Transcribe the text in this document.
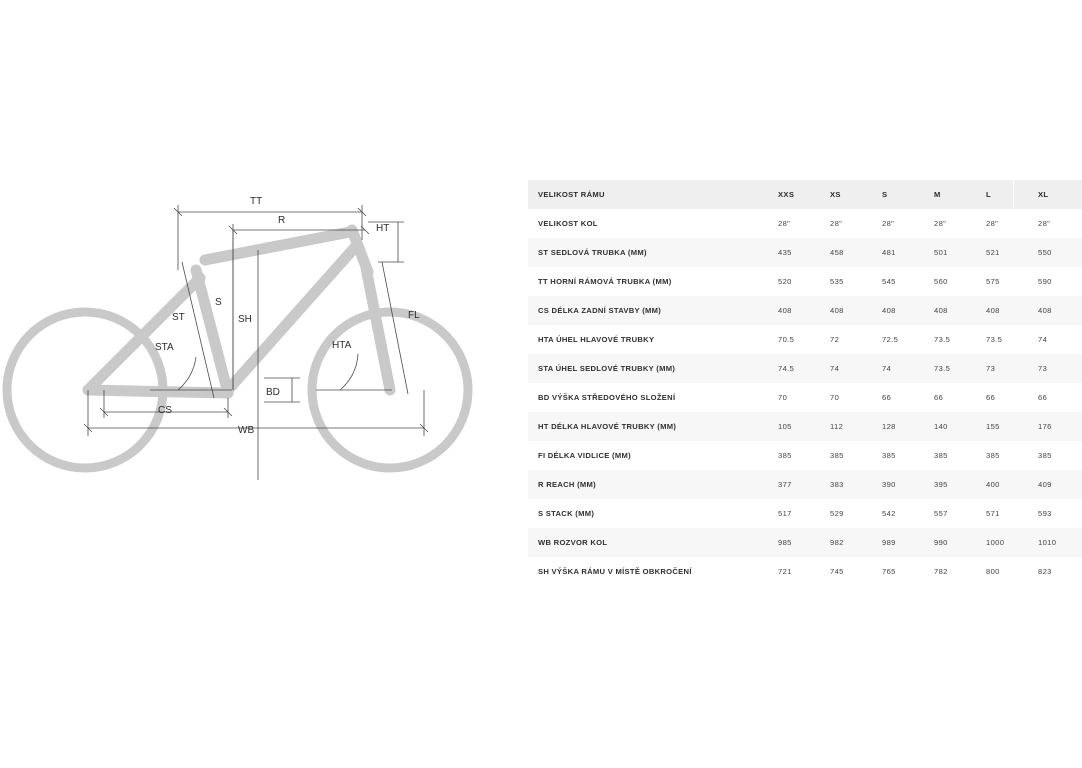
TT
R
HT
ST
S
SH	FL
STA	HTA
BD
CS
WB
VELIKOST RÁMU	XXS	XS	S	M	L	XL
VELIKOST KOL	28"	28"	28"	28"	28"	28"
ST SEDLOVÁ TRUBKA (MM)	435	458	481	501	521	550
TT HORNÍ RÁMOVÁ TRUBKA (MM)	520	535	545	560	575	590
CS DÉLKA ZADNÍ STAVBY (MM)	408	408	408	408	408	408
HTA ÚHEL HLAVOVÉ TRUBKY	70.5	72	72.5	73.5	73.5	74
STA ÚHEL SEDLOVÉ TRUBKY (MM)	74.5	74	74	73.5	73	73
BD VÝŠKA STŘEDOVÉHO SLOŽENÍ	70	70	66	66	66	66
HT DÉLKA HLAVOVÉ TRUBKY (MM)	105	112	128	140	155	176
FI DÉLKA VIDLICE (MM)	385	385	385	385	385	385
R REACH (MM)	377	383	390	395	400	409
S STACK (MM)	517	529	542	557	571	593
WB ROZVOR KOL	985	982	989	990	1000	1010
SH VÝŠKA RÁMU V MÍSTĚ OBKROČENÍ	721	745	765	782	800	823
